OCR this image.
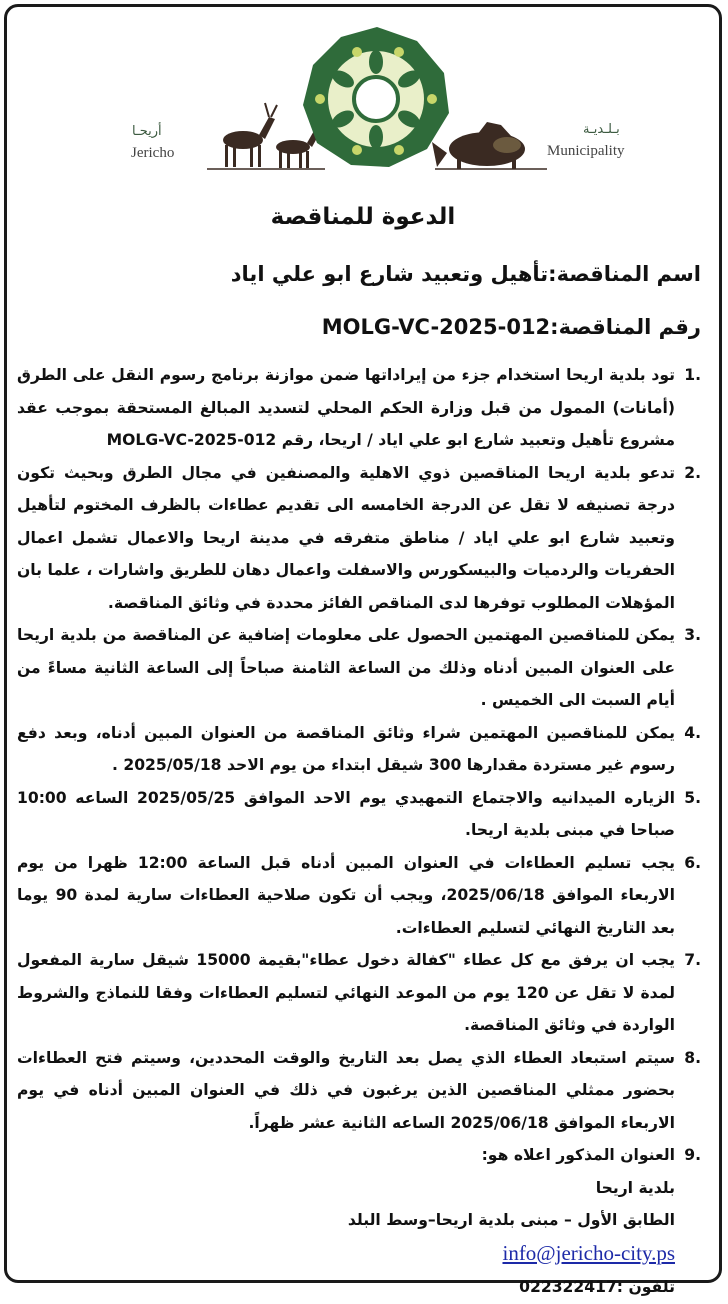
أريحـا
Jericho
بـلـديـة
Municipality
الدعوة للمناقصة
اسم المناقصة:تأهيل وتعبيد شارع ابو علي اياد
رقم المناقصة:MOLG-VC-2025-012
.1
تود بلدية اريحا استخدام جزء من إيراداتها ضمن موازنة برنامج رسوم النقل على الطرق (أمانات) الممول من قبل وزارة الحكم المحلي لتسديد المبالغ المستحقة بموجب عقد مشروع تأهيل وتعبيد شارع ابو علي اياد / اريحا، رقم MOLG-VC-2025-012
.2
تدعو بلدية اريحا المناقصين ذوي الاهلية والمصنفين في مجال الطرق وبحيث تكون درجة تصنيفه لا تقل عن الدرجة الخامسه الى تقديم عطاءات بالظرف المختوم لتأهيل وتعبيد شارع ابو علي اياد / مناطق متفرقه في مدينة اريحا والاعمال تشمل اعمال الحفريات والردميات والبيسكورس والاسفلت واعمال دهان للطريق واشارات ، علما بان المؤهلات المطلوب توفرها لدى المناقص الفائز محددة في وثائق المناقصة.
.3
يمكن للمناقصين المهتمين الحصول على معلومات إضافية عن المناقصة من بلدية اريحا على العنوان المبين أدناه وذلك من الساعة الثامنة صباحاً إلى الساعة الثانية مساءً من أيام السبت الى الخميس .
.4
يمكن للمناقصين المهتمين شراء وثائق المناقصة من العنوان المبين أدناه، وبعد دفع رسوم غير مستردة مقدارها 300 شيقل ابتداء من يوم الاحد 2025/05/18 .
.5
الزياره الميدانيه والاجتماع التمهيدي يوم الاحد الموافق 2025/05/25 الساعه 10:00 صباحا في مبنى بلدية اريحا.
.6
يجب تسليم العطاءات في العنوان المبين أدناه قبل الساعة 12:00 ظهرا من يوم الاربعاء الموافق 2025/06/18، ويجب أن تكون صلاحية العطاءات سارية لمدة 90 يوما بعد التاريخ النهائي لتسليم العطاءات.
.7
يجب ان يرفق مع كل عطاء "كفالة دخول عطاء"بقيمة 15000 شيقل سارية المفعول لمدة لا تقل عن 120 يوم من الموعد النهائي لتسليم العطاءات وفقا للنماذج والشروط الواردة في وثائق المناقصة.
.8
سيتم استبعاد العطاء الذي يصل بعد التاريخ والوقت المحددين، وسيتم فتح العطاءات بحضور ممثلي المناقصين الذين يرغبون في ذلك في العنوان المبين أدناه في يوم الاربعاء الموافق 2025/06/18 الساعه الثانية عشر ظهراً.
.9
العنوان المذكور اعلاه هو:
بلدية اريحا
الطابق الأول – مبنى بلدية اريحا–وسط البلد
info@jericho-city.ps
تلفون :022322417
